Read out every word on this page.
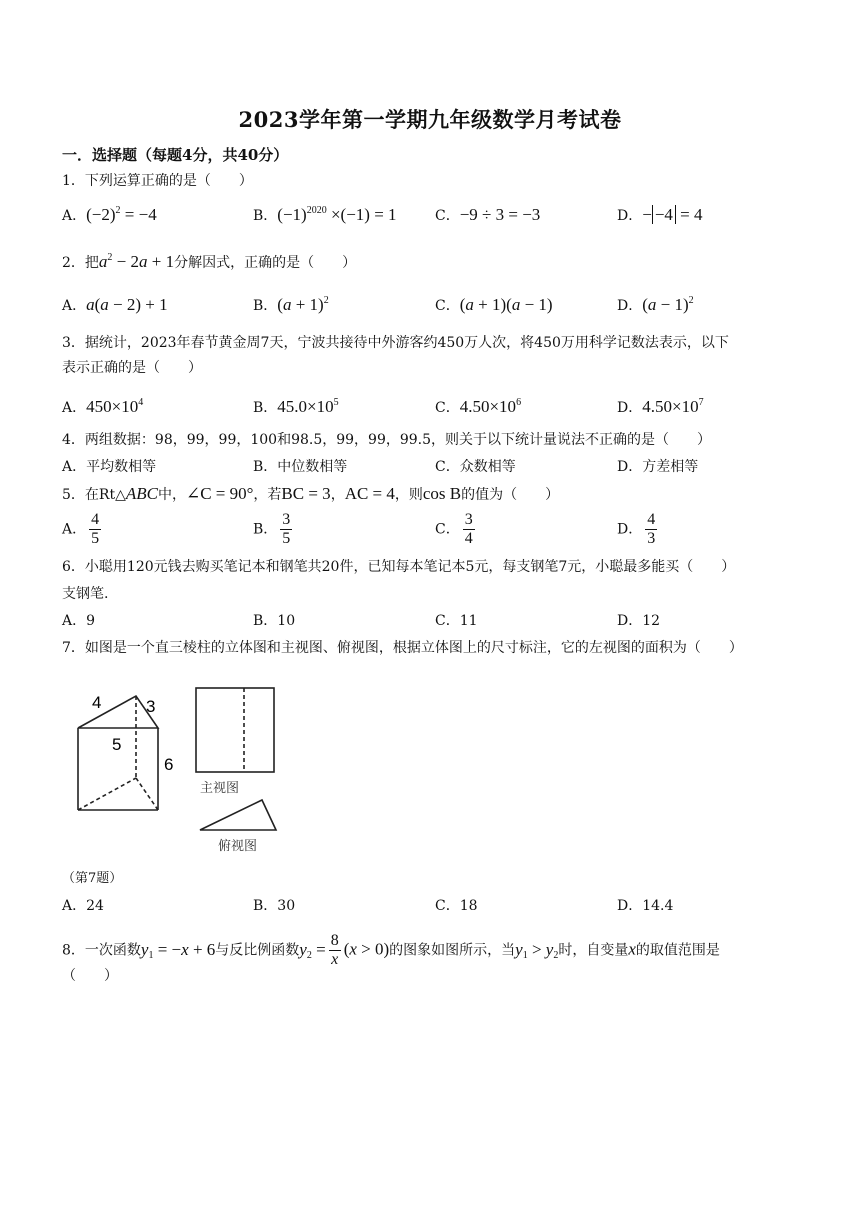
2023学年第一学期九年级数学月考试卷
一．选择题（每题4分，共40分）
1．下列运算正确的是（　　）
A．$(-2)^2 = -4$	B．$(-1)^{2020} \times(-1) = 1$	C．−9 ÷ 3 = −3	D．− −4 = 4
2．把$a^2 - 2a + 1$分解因式，正确的是（　　）
A．a(a − 2) + 1	B．$(a + 1)^2$	C．(a + 1)(a − 1)	D．$(a - 1)^2$
3．据统计，2023年春节黄金周7天，宁波共接待中外游客约450万人次，将450万用科学记数法表示，以下
表示正确的是（　　）
A．$450\times 10^4$	B．$45.0\times 10^5$	C．$4.50\times 10^6$	D．$4.50\times 10^7$
4．两组数据：98，99，99，100和98.5，99，99，99.5，则关于以下统计量说法不正确的是（　　）
A．平均数相等	B．中位数相等	C．众数相等	D．方差相等
5．在Rt△ABC中，∠C = 90°，若BC = 3，AC = 4，则cos B的值为（　　）
A． $\frac{4}{5}$	B． $\frac{3}{5}$	C． $\frac{3}{4}$	D． $\frac{4}{3}$
6．小聪用120元钱去购买笔记本和钢笔共20件，已知每本笔记本5元，每支钢笔7元，小聪最多能买（　　）
支钢笔.
A．9	B．10	C．11	D．12
7．如图是一个直三棱柱的立体图和主视图、俯视图，根据立体图上的尺寸标注，它的左视图的面积为（　　）
4	3
5
6
主视图
俯视图
（第7题）
A．24	B．30	C．18	D．14.4
8．一次函数$y_1 = -x + 6$与反比例函数$y_2 = \frac{8}{x} (x > 0)$的图象如图所示，当$y_1 > y_2$时，自变量x的取值范围是
（　　）
